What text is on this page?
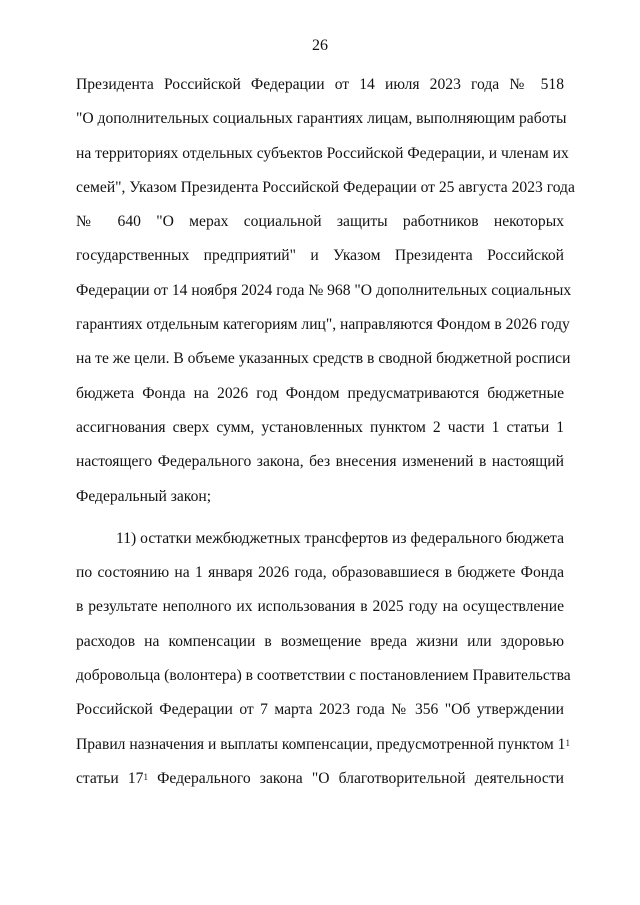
26
Президента Российской Федерации от 14 июля 2023 года № 518
"О дополнительных социальных гарантиях лицам, выполняющим работы
на территориях отдельных субъектов Российской Федерации, и членам их
семей", Указом Президента Российской Федерации от 25 августа 2023 года
№ 640 "О мерах социальной защиты работников некоторых
государственных предприятий" и Указом Президента Российской
Федерации от 14 ноября 2024 года № 968 "О дополнительных социальных
гарантиях отдельным категориям лиц", направляются Фондом в 2026 году
на те же цели. В объеме указанных средств в сводной бюджетной росписи
бюджета Фонда на 2026 год Фондом предусматриваются бюджетные
ассигнования сверх сумм, установленных пунктом 2 части 1 статьи 1
настоящего Федерального закона, без внесения изменений в настоящий
Федеральный закон;
11) остатки межбюджетных трансфертов из федерального бюджета
по состоянию на 1 января 2026 года, образовавшиеся в бюджете Фонда
в результате неполного их использования в 2025 году на осуществление
расходов на компенсации в возмещение вреда жизни или здоровью
добровольца (волонтера) в соответствии с постановлением Правительства
Российской Федерации от 7 марта 2023 года № 356 "Об утверждении
Правил назначения и выплаты компенсации, предусмотренной пунктом $1^1$
статьи $17^1$ Федерального закона "О благотворительной деятельности
